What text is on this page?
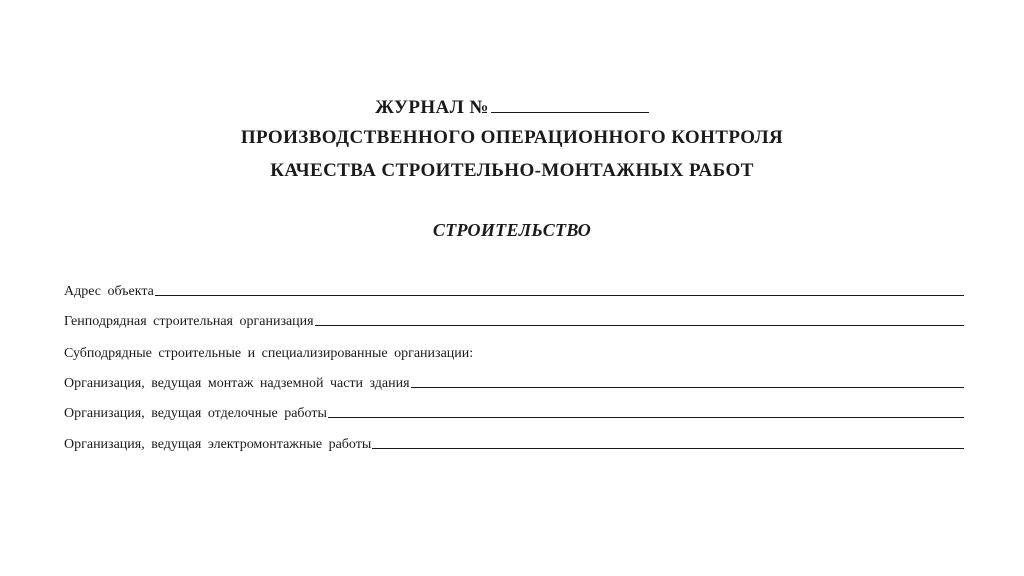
ЖУРНАЛ №
ПРОИЗВОДСТВЕННОГО ОПЕРАЦИОННОГО КОНТРОЛЯ
КАЧЕСТВА СТРОИТЕЛЬНО-МОНТАЖНЫХ РАБОТ
СТРОИТЕЛЬСТВО
Адрес объекта
Генподрядная строительная организация
Субподрядные строительные и специализированные организации:
Организация, ведущая монтаж надземной части здания
Организация, ведущая отделочные работы
Организация, ведущая электромонтажные работы
